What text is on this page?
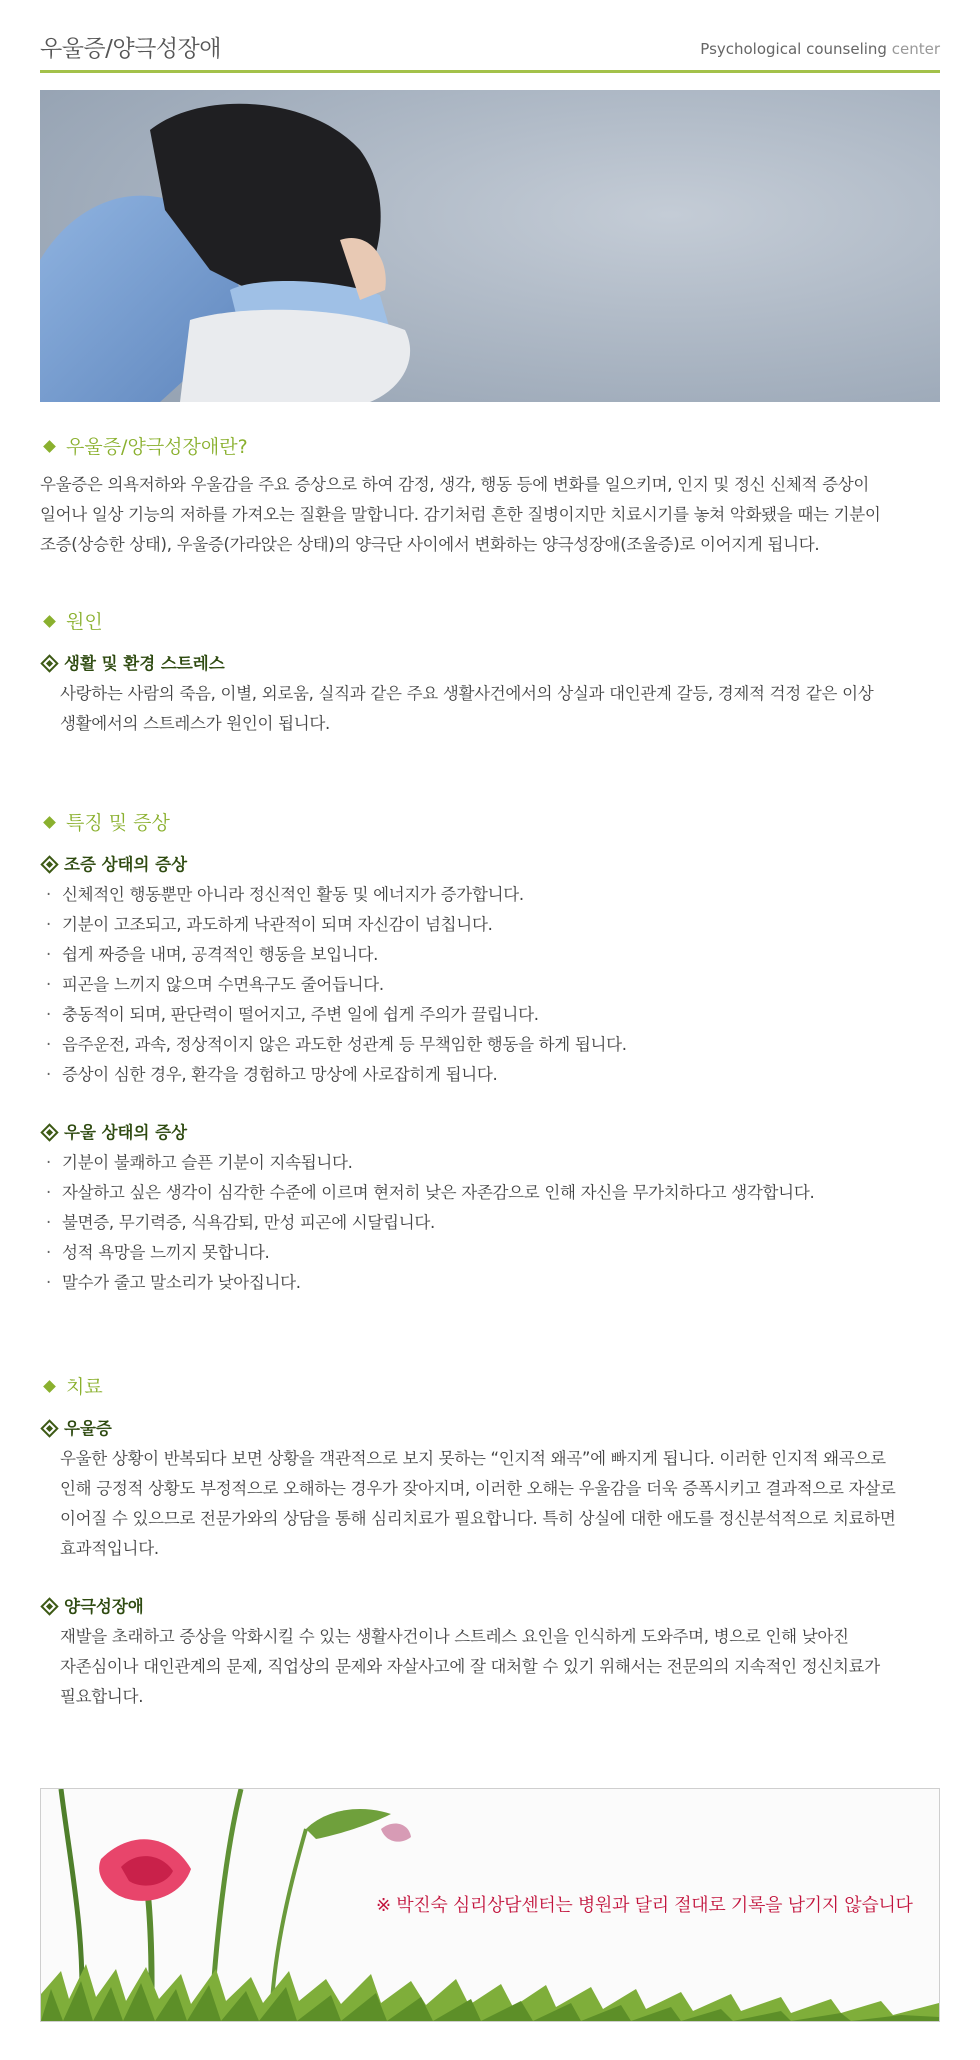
우울증/양극성장애	Psychological counseling center
우울증/양극성장애란?
우울증은 의욕저하와 우울감을 주요 증상으로 하여 감정, 생각, 행동 등에 변화를 일으키며, 인지 및 정신 신체적 증상이
일어나 일상 기능의 저하를 가져오는 질환을 말합니다. 감기처럼 흔한 질병이지만 치료시기를 놓쳐 악화됐을 때는 기분이
조증(상승한 상태), 우울증(가라앉은 상태)의 양극단 사이에서 변화하는 양극성장애(조울증)로 이어지게 됩니다.
원인
생활 및 환경 스트레스
사랑하는 사람의 죽음, 이별, 외로움, 실직과 같은 주요 생활사건에서의 상실과 대인관계 갈등, 경제적 걱정 같은 이상
생활에서의 스트레스가 원인이 됩니다.
특징 및 증상
조증 상태의 증상
· 신체적인 행동뿐만 아니라 정신적인 활동 및 에너지가 증가합니다.
· 기분이 고조되고, 과도하게 낙관적이 되며 자신감이 넘칩니다.
· 쉽게 짜증을 내며, 공격적인 행동을 보입니다.
· 피곤을 느끼지 않으며 수면욕구도 줄어듭니다.
· 충동적이 되며, 판단력이 떨어지고, 주변 일에 쉽게 주의가 끌립니다.
· 음주운전, 과속, 정상적이지 않은 과도한 성관계 등 무책임한 행동을 하게 됩니다.
· 증상이 심한 경우, 환각을 경험하고 망상에 사로잡히게 됩니다.
우울 상태의 증상
· 기분이 불쾌하고 슬픈 기분이 지속됩니다.
· 자살하고 싶은 생각이 심각한 수준에 이르며 현저히 낮은 자존감으로 인해 자신을 무가치하다고 생각합니다.
· 불면증, 무기력증, 식욕감퇴, 만성 피곤에 시달립니다.
· 성적 욕망을 느끼지 못합니다.
· 말수가 줄고 말소리가 낮아집니다.
치료
우울증
우울한 상황이 반복되다 보면 상황을 객관적으로 보지 못하는 “인지적 왜곡”에 빠지게 됩니다. 이러한 인지적 왜곡으로
인해 긍정적 상황도 부정적으로 오해하는 경우가 잦아지며, 이러한 오해는 우울감을 더욱 증폭시키고 결과적으로 자살로
이어질 수 있으므로 전문가와의 상담을 통해 심리치료가 필요합니다. 특히 상실에 대한 애도를 정신분석적으로 치료하면
효과적입니다.
양극성장애
재발을 초래하고 증상을 악화시킬 수 있는 생활사건이나 스트레스 요인을 인식하게 도와주며, 병으로 인해 낮아진
자존심이나 대인관계의 문제, 직업상의 문제와 자살사고에 잘 대처할 수 있기 위해서는 전문의의 지속적인 정신치료가
필요합니다.
※ 박진숙 심리상담센터는 병원과 달리 절대로 기록을 남기지 않습니다
